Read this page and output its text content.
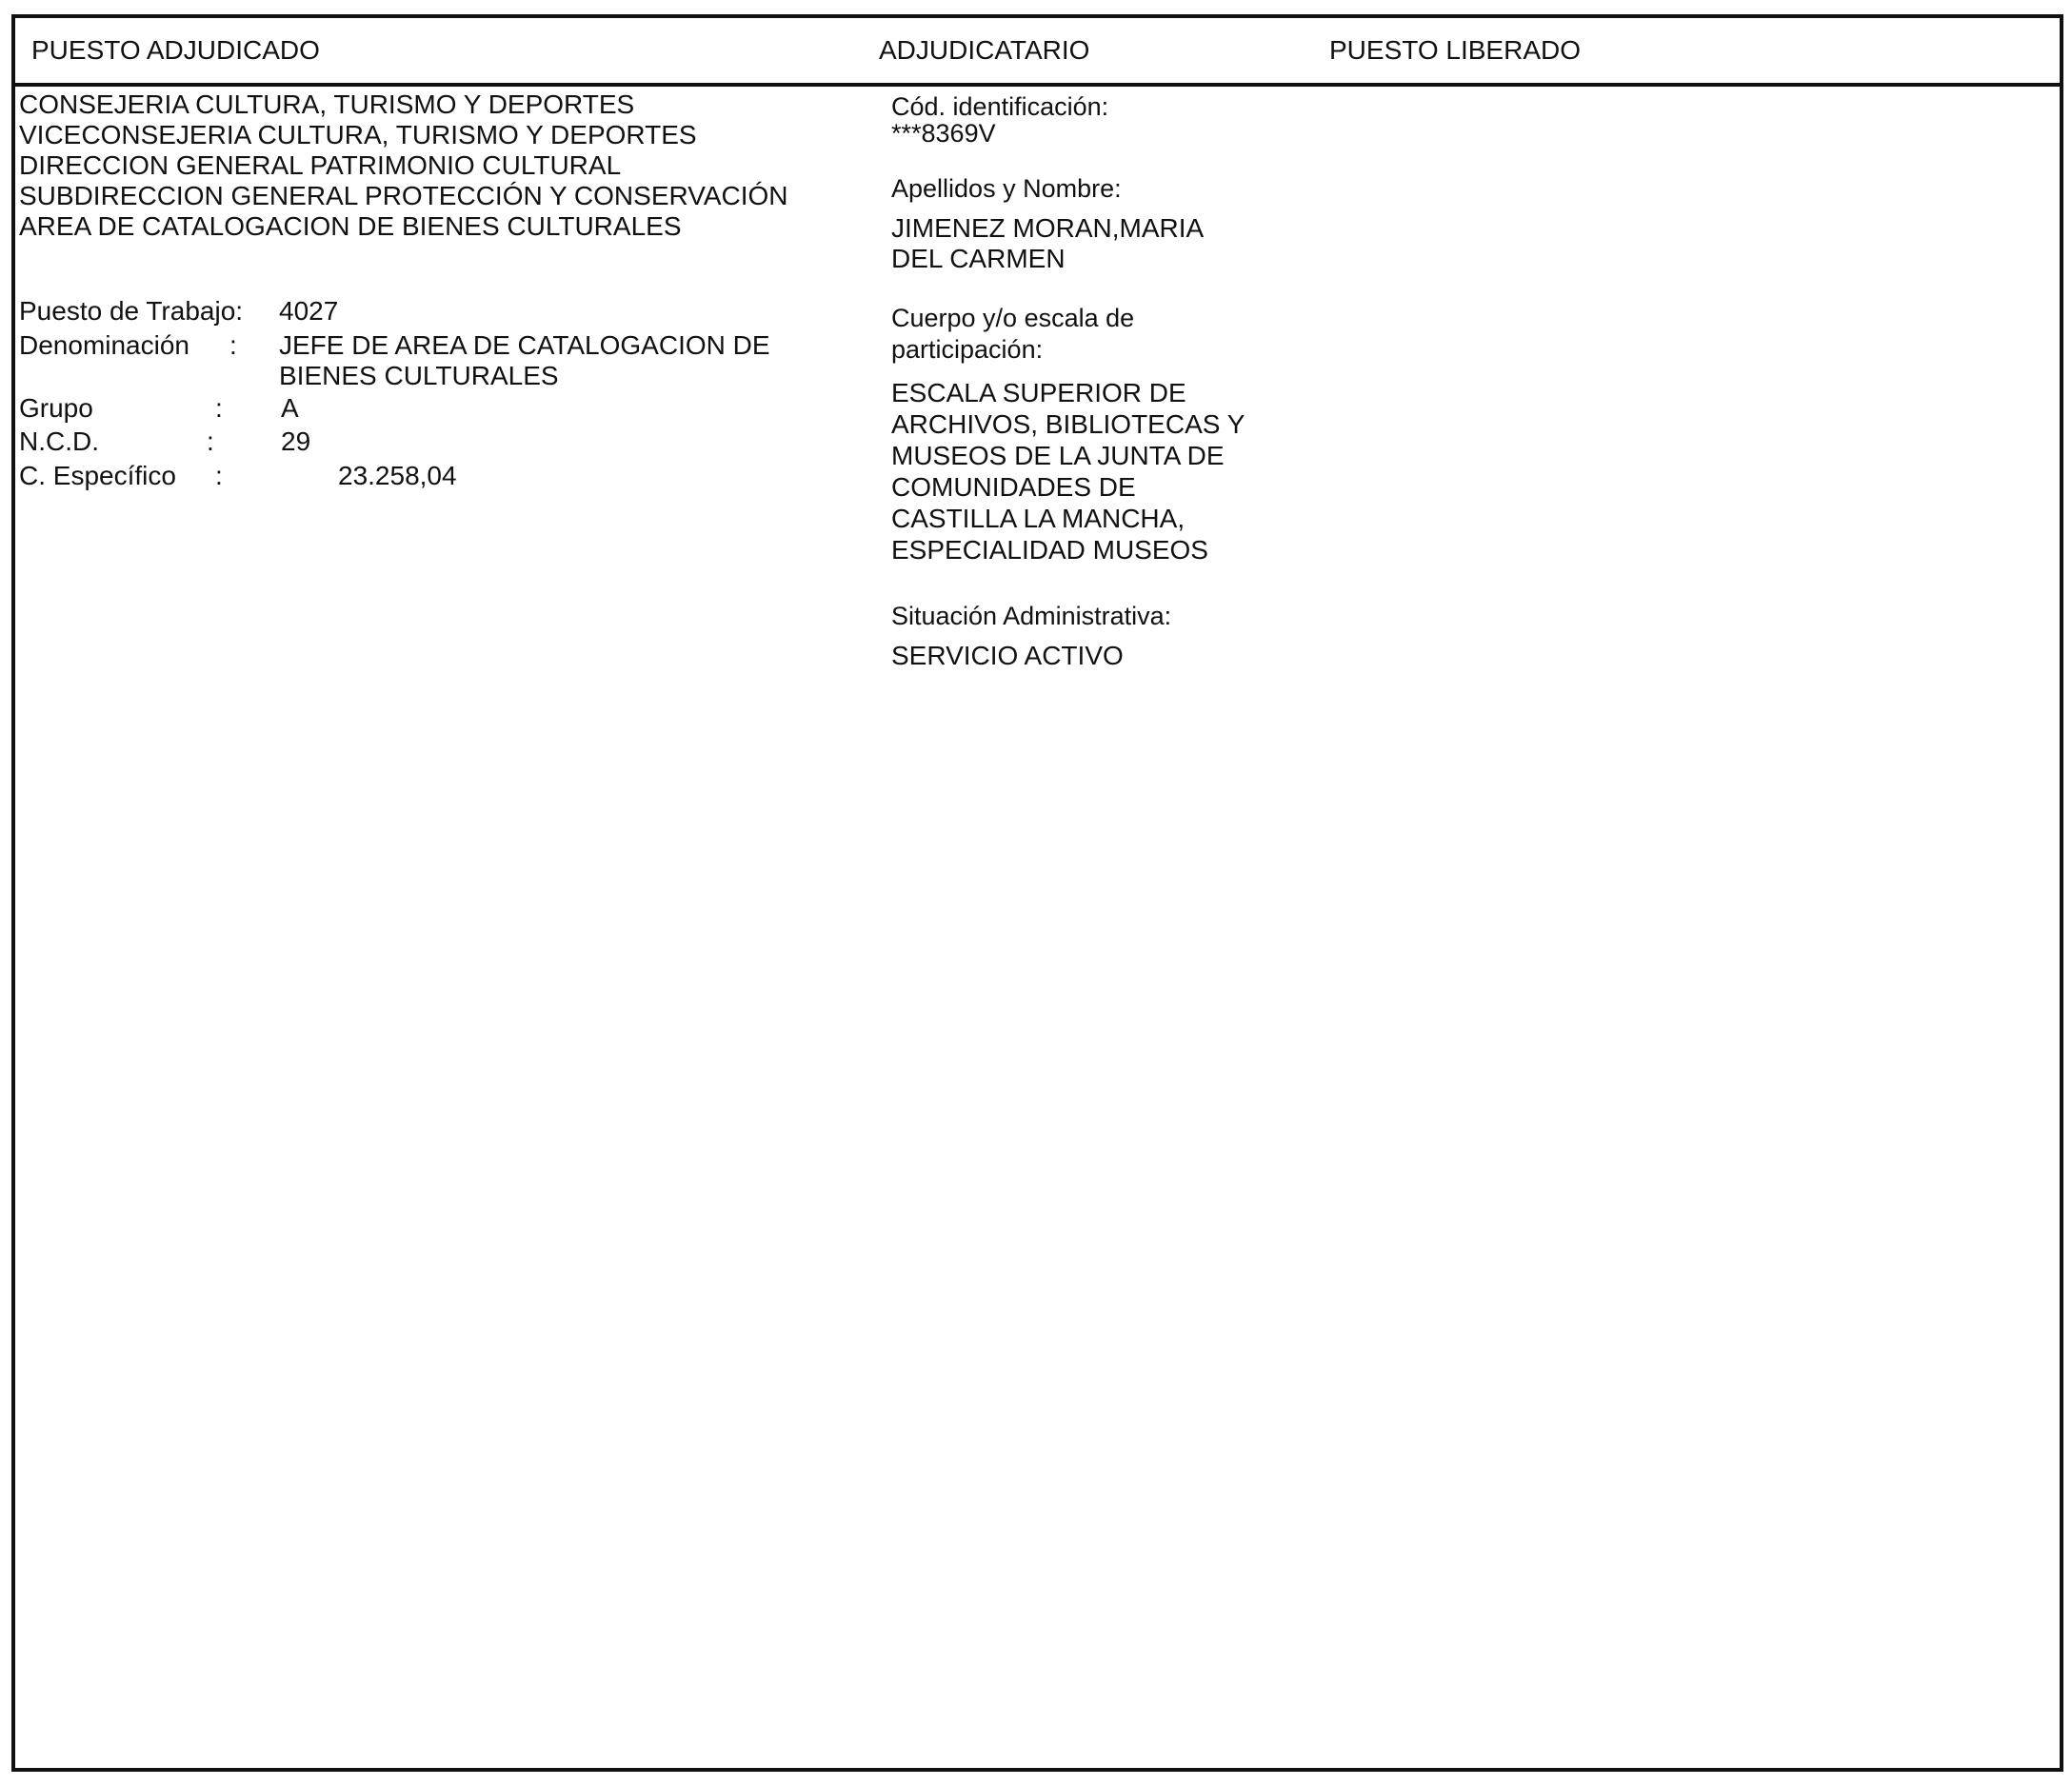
PUESTO ADJUDICADO	ADJUDICATARIO	PUESTO LIBERADO
CONSEJERIA CULTURA, TURISMO Y DEPORTES
VICECONSEJERIA CULTURA, TURISMO Y DEPORTES
DIRECCION GENERAL PATRIMONIO CULTURAL
SUBDIRECCION GENERAL PROTECCIÓN Y CONSERVACIÓN
AREA DE CATALOGACION DE BIENES CULTURALES
Puesto de Trabajo: 4027
Denominación : JEFE DE AREA DE CATALOGACION DE
BIENES CULTURALES
Grupo	: A
N.C.D.	:	29
C. Específico :	23.258,04
Cód. identificación:
***8369V
Apellidos y Nombre:
JIMENEZ MORAN,MARIA
DEL CARMEN
Cuerpo y/o escala de
participación:
ESCALA SUPERIOR DE
ARCHIVOS, BIBLIOTECAS Y
MUSEOS DE LA JUNTA DE
COMUNIDADES DE
CASTILLA LA MANCHA,
ESPECIALIDAD MUSEOS
Situación Administrativa:
SERVICIO ACTIVO
